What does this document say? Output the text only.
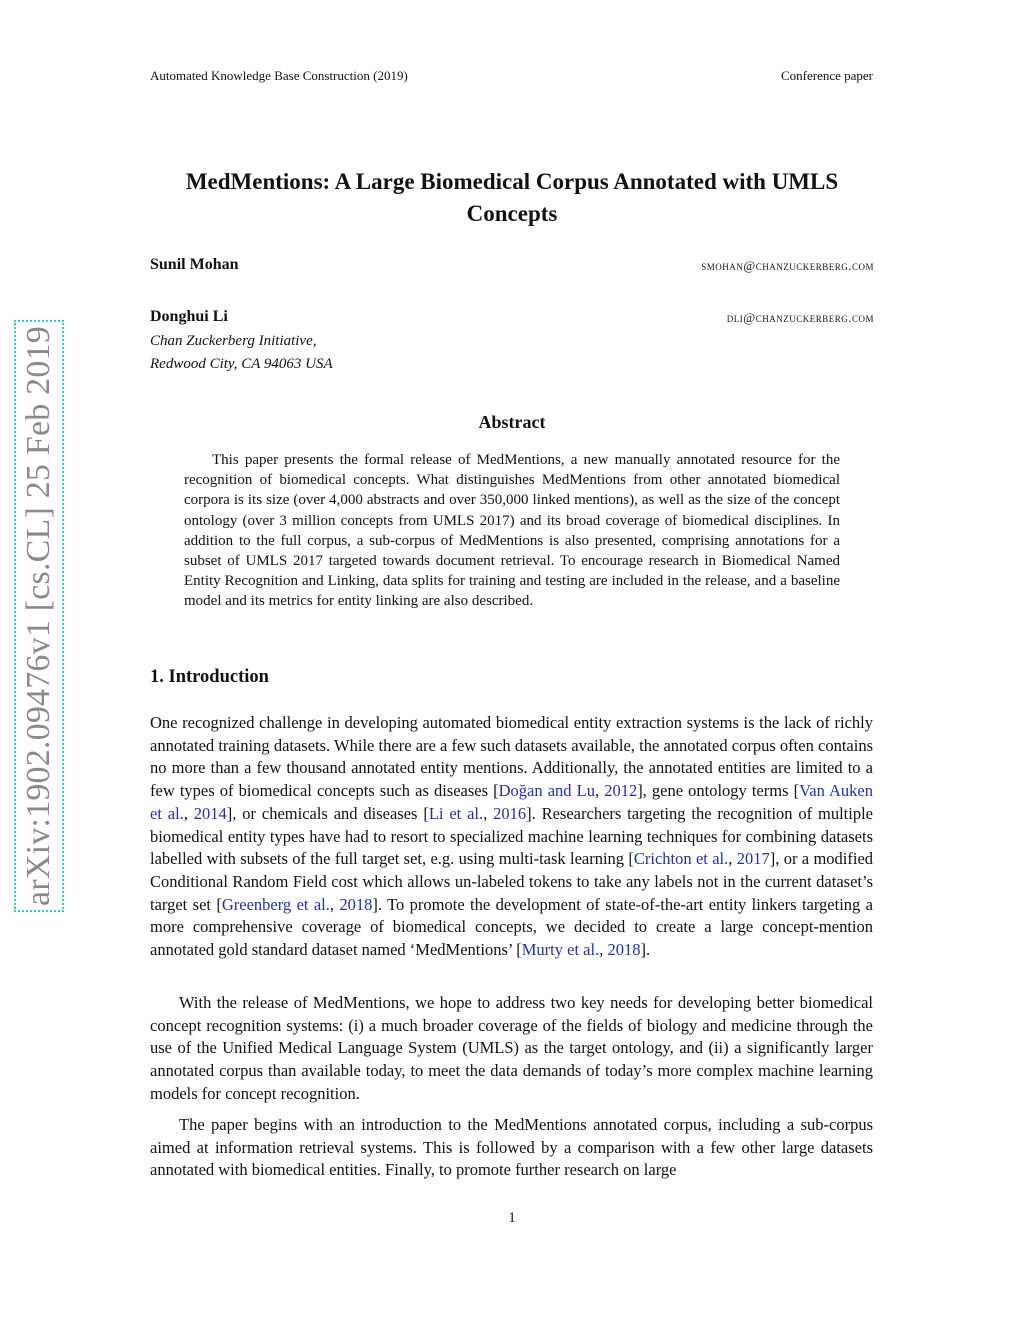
Automated Knowledge Base Construction (2019)	Conference paper
arXiv:1902.09476v1 [cs.CL] 25 Feb 2019
MedMentions: A Large Biomedical Corpus Annotated with UMLS
Concepts
Sunil Mohan	smohan@chanzuckerberg.com
Donghui Li	dli@chanzuckerberg.com
Chan Zuckerberg Initiative,
Redwood City, CA 94063 USA
Abstract
This paper presents the formal release of MedMentions, a new manually annotated resource for the recognition of biomedical concepts. What distinguishes MedMentions from other annotated biomedical corpora is its size (over 4,000 abstracts and over 350,000 linked mentions), as well as the size of the concept ontology (over 3 million concepts from UMLS 2017) and its broad coverage of biomedical disciplines. In addition to the full corpus, a sub-corpus of MedMentions is also presented, comprising annotations for a subset of UMLS 2017 targeted towards document retrieval. To encourage research in Biomedical Named Entity Recognition and Linking, data splits for training and testing are included in the release, and a baseline model and its metrics for entity linking are also described.
1. Introduction

One recognized challenge in developing automated biomedical entity extraction systems is the lack of richly annotated training datasets. While there are a few such datasets available, the annotated corpus often contains no more than a few thousand annotated entity mentions. Additionally, the annotated entities are limited to a few types of biomedical concepts such as diseases [Doğan and Lu, 2012], gene ontology terms [Van Auken et al., 2014], or chemicals and diseases [Li et al., 2016]. Researchers targeting the recognition of multiple biomedical entity types have had to resort to specialized machine learning techniques for combining datasets labelled with subsets of the full target set, e.g. using multi-task learning [Crichton et al., 2017], or a modified Conditional Random Field cost which allows un-labeled tokens to take any labels not in the current dataset’s target set [Greenberg et al., 2018]. To promote the development of state-of-the-art entity linkers targeting a more comprehensive coverage of biomedical concepts, we decided to create a large concept-mention annotated gold standard dataset named ‘MedMentions’ [Murty et al., 2018].

With the release of MedMentions, we hope to address two key needs for developing better biomedical concept recognition systems: (i) a much broader coverage of the fields of biology and medicine through the use of the Unified Medical Language System (UMLS) as the target ontology, and (ii) a significantly larger annotated corpus than available today, to meet the data demands of today’s more complex machine learning models for concept recognition.
The paper begins with an introduction to the MedMentions annotated corpus, including a sub-corpus aimed at information retrieval systems. This is followed by a comparison with a few other large datasets annotated with biomedical entities. Finally, to promote further research on large
1
